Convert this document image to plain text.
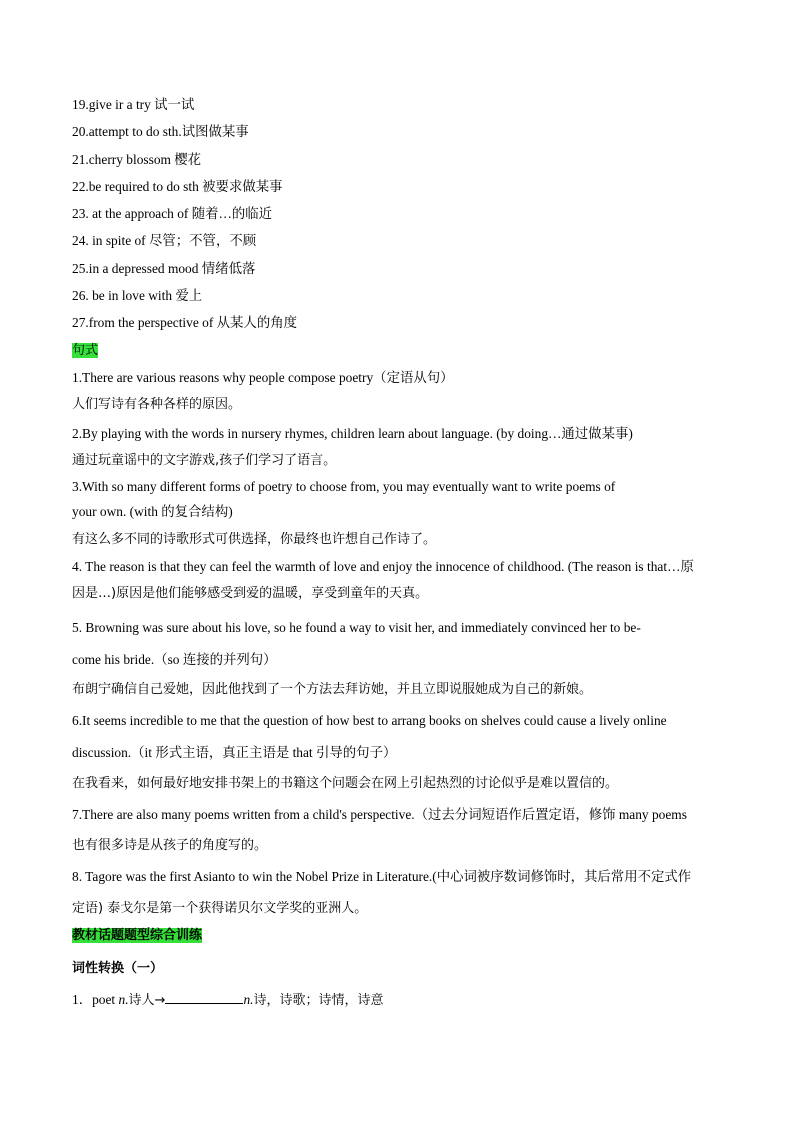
19.give ir a try 试一试
20.attempt to do sth.试图做某事
21.cherry blossom 樱花
22.be required to do sth 被要求做某事
23. at the approach of 随着…的临近
24. in spite of 尽管；不管，不顾
25.in a depressed mood 情绪低落
26. be in love with 爱上
27.from the perspective of 从某人的角度
句式
1.There are various reasons why people compose poetry（定语从句）
人们写诗有各种各样的原因。
2.By playing with the words in nursery rhymes, children learn about language. (by doing…通过做某事)
通过玩童谣中的文字游戏,孩子们学习了语言。
3.With so many different forms of poetry to choose from, you may eventually want to write poems of
your own. (with 的复合结构)
有这么多不同的诗歌形式可供选择，你最终也许想自己作诗了。
4. The reason is that they can feel the warmth of love and enjoy the innocence of childhood. (The reason is that…原
因是…)原因是他们能够感受到爱的温暖，享受到童年的天真。
5. Browning was sure about his love, so he found a way to visit her, and immediately convinced her to be-
come his bride.（so 连接的并列句）
布朗宁确信自己爱她，因此他找到了一个方法去拜访她，并且立即说服她成为自己的新娘。
6.It seems incredible to me that the question of how best to arrang books on shelves could cause a lively online
discussion.（it 形式主语，真正主语是 that 引导的句子）
在我看来，如何最好地安排书架上的书籍这个问题会在网上引起热烈的讨论似乎是难以置信的。
7.There are also many poems written from a child's perspective.（过去分词短语作后置定语，修饰 many poems
也有很多诗是从孩子的角度写的。
8. Tagore was the first Asianto to win the Nobel Prize in Literature.(中心词被序数词修饰时，其后常用不定式作
定语) 泰戈尔是第一个获得诺贝尔文学奖的亚洲人。
教材话题题型综合训练
词性转换（一）
1．poet n.诗人→	n.诗，诗歌；诗情，诗意
